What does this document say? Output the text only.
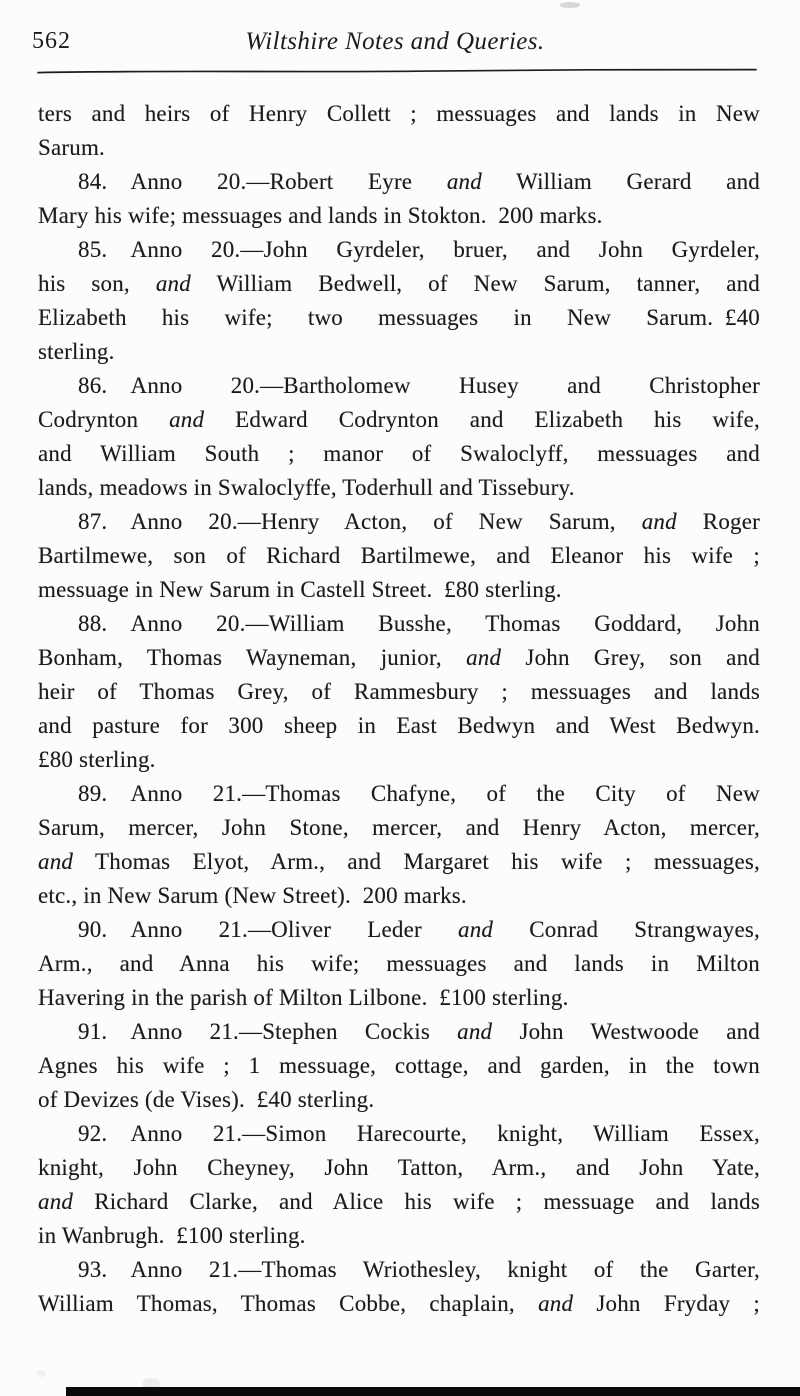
562	Wiltshire Notes and Queries.
ters and heirs of Henry Collett ; messuages and lands in New
Sarum.
84. Anno 20.—Robert Eyre and William Gerard and
Mary his wife; messuages and lands in Stokton. 200 marks.
85. Anno 20.—John Gyrdeler, bruer, and John Gyrdeler,
his son, and William Bedwell, of New Sarum, tanner, and
Elizabeth his wife; two messuages in New Sarum. £40
sterling.
86. Anno 20.—Bartholomew Husey and Christopher
Codrynton and Edward Codrynton and Elizabeth his wife,
and William South ; manor of Swaloclyff, messuages and
lands, meadows in Swaloclyffe, Toderhull and Tissebury.
87. Anno 20.—Henry Acton, of New Sarum, and Roger
Bartilmewe, son of Richard Bartilmewe, and Eleanor his wife ;
messuage in New Sarum in Castell Street. £80 sterling.
88. Anno 20.—William Busshe, Thomas Goddard, John
Bonham, Thomas Wayneman, junior, and John Grey, son and
heir of Thomas Grey, of Rammesbury ; messuages and lands
and pasture for 300 sheep in East Bedwyn and West Bedwyn.
£80 sterling.
89. Anno 21.—Thomas Chafyne, of the City of New
Sarum, mercer, John Stone, mercer, and Henry Acton, mercer,
and Thomas Elyot, Arm., and Margaret his wife ; messuages,
etc., in New Sarum (New Street). 200 marks.
90. Anno 21.—Oliver Leder and Conrad Strangwayes,
Arm., and Anna his wife; messuages and lands in Milton
Havering in the parish of Milton Lilbone. £100 sterling.
91. Anno 21.—Stephen Cockis and John Westwoode and
Agnes his wife ; 1 messuage, cottage, and garden, in the town
of Devizes (de Vises). £40 sterling.
92. Anno 21.—Simon Harecourte, knight, William Essex,
knight, John Cheyney, John Tatton, Arm., and John Yate,
and Richard Clarke, and Alice his wife ; messuage and lands
in Wanbrugh. £100 sterling.
93. Anno 21.—Thomas Wriothesley, knight of the Garter,
William Thomas, Thomas Cobbe, chaplain, and John Fryday ;
